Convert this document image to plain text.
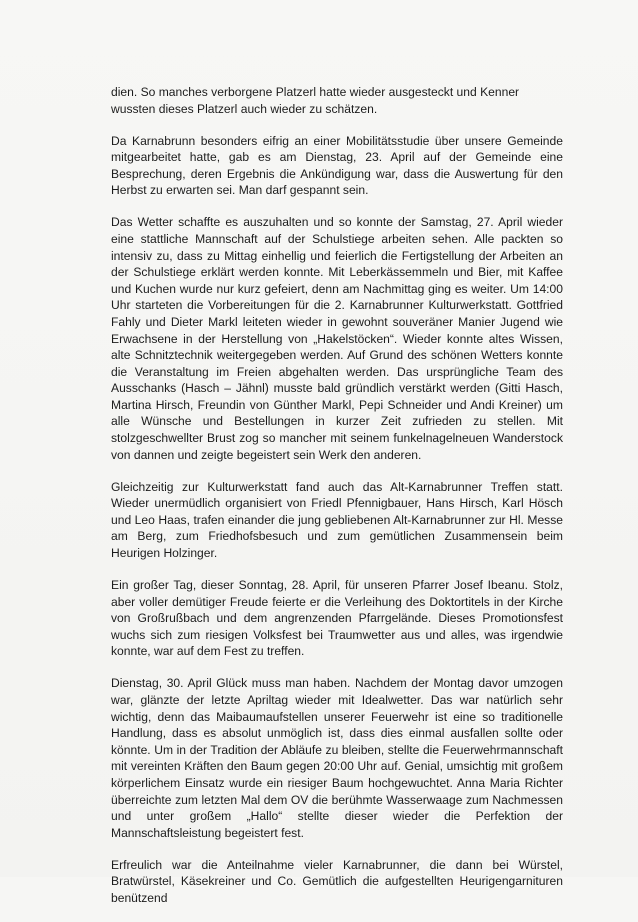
dien. So manches verborgene Platzerl hatte wieder ausgesteckt und Kenner wussten dieses Platzerl auch wieder zu schätzen.

Da Karnabrunn besonders eifrig an einer Mobilitätsstudie über unsere Gemeinde mitgearbeitet hatte, gab es am Dienstag, 23. April auf der Gemeinde eine Besprechung, deren Ergebnis die Ankündigung war, dass die Auswertung für den Herbst zu erwarten sei. Man darf gespannt sein.

Das Wetter schaffte es auszuhalten und so konnte der Samstag, 27. April wieder eine stattliche Mannschaft auf der Schulstiege arbeiten sehen. Alle packten so intensiv zu, dass zu Mittag einhellig und feierlich die Fertigstellung der Arbeiten an der Schulstiege erklärt werden konnte. Mit Leberkässemmeln und Bier, mit Kaffee und Kuchen wurde nur kurz gefeiert, denn am Nachmittag ging es weiter. Um 14:00 Uhr starteten die Vorbereitungen für die 2. Karnabrunner Kulturwerkstatt. Gottfried Fahly und Dieter Markl leiteten wieder in gewohnt souveräner Manier Jugend wie Erwachsene in der Herstellung von „Hakelstöcken“. Wieder konnte altes Wissen, alte Schnitztechnik weitergegeben werden. Auf Grund des schönen Wetters konnte die Veranstaltung im Freien abgehalten werden. Das ursprüngliche Team des Ausschanks (Hasch – Jähnl) musste bald gründlich verstärkt werden (Gitti Hasch, Martina Hirsch, Freundin von Günther Markl, Pepi Schneider und Andi Kreiner) um alle Wünsche und Bestellungen in kurzer Zeit zufrieden zu stellen. Mit stolzgeschwellter Brust zog so mancher mit seinem funkelnagelneuen Wanderstock von dannen und zeigte begeistert sein Werk den anderen.

Gleichzeitig zur Kulturwerkstatt fand auch das Alt-Karnabrunner Treffen statt. Wieder unermüdlich organisiert von Friedl Pfennigbauer, Hans Hirsch, Karl Hösch und Leo Haas, trafen einander die jung gebliebenen Alt-Karnabrunner zur Hl. Messe am Berg, zum Friedhofsbesuch und zum gemütlichen Zusammensein beim Heurigen Holzinger.

Ein großer Tag, dieser Sonntag, 28. April, für unseren Pfarrer Josef Ibeanu. Stolz, aber voller demütiger Freude feierte er die Verleihung des Doktortitels in der Kirche von Großrußbach und dem angrenzenden Pfarrgelände. Dieses Promotionsfest wuchs sich zum riesigen Volksfest bei Traumwetter aus und alles, was irgendwie konnte, war auf dem Fest zu treffen.

Dienstag, 30. April Glück muss man haben. Nachdem der Montag davor umzogen war, glänzte der letzte Apriltag wieder mit Idealwetter. Das war natürlich sehr wichtig, denn das Maibaumaufstellen unserer Feuerwehr ist eine so traditionelle Handlung, dass es absolut unmöglich ist, dass dies einmal ausfallen sollte oder könnte. Um in der Tradition der Abläufe zu bleiben, stellte die Feuerwehrmannschaft mit vereinten Kräften den Baum gegen 20:00 Uhr auf. Genial, umsichtig mit großem körperlichem Einsatz wurde ein riesiger Baum hochgewuchtet. Anna Maria Richter überreichte zum letzten Mal dem OV die berühmte Wasserwaage zum Nachmessen und unter großem „Hallo“ stellte dieser wieder die Perfektion der Mannschaftsleistung begeistert fest.

Erfreulich war die Anteilnahme vieler Karnabrunner, die dann bei Würstel, Bratwürstel, Käsekreiner und Co. Gemütlich die aufgestellten Heurigengarnituren benützend
